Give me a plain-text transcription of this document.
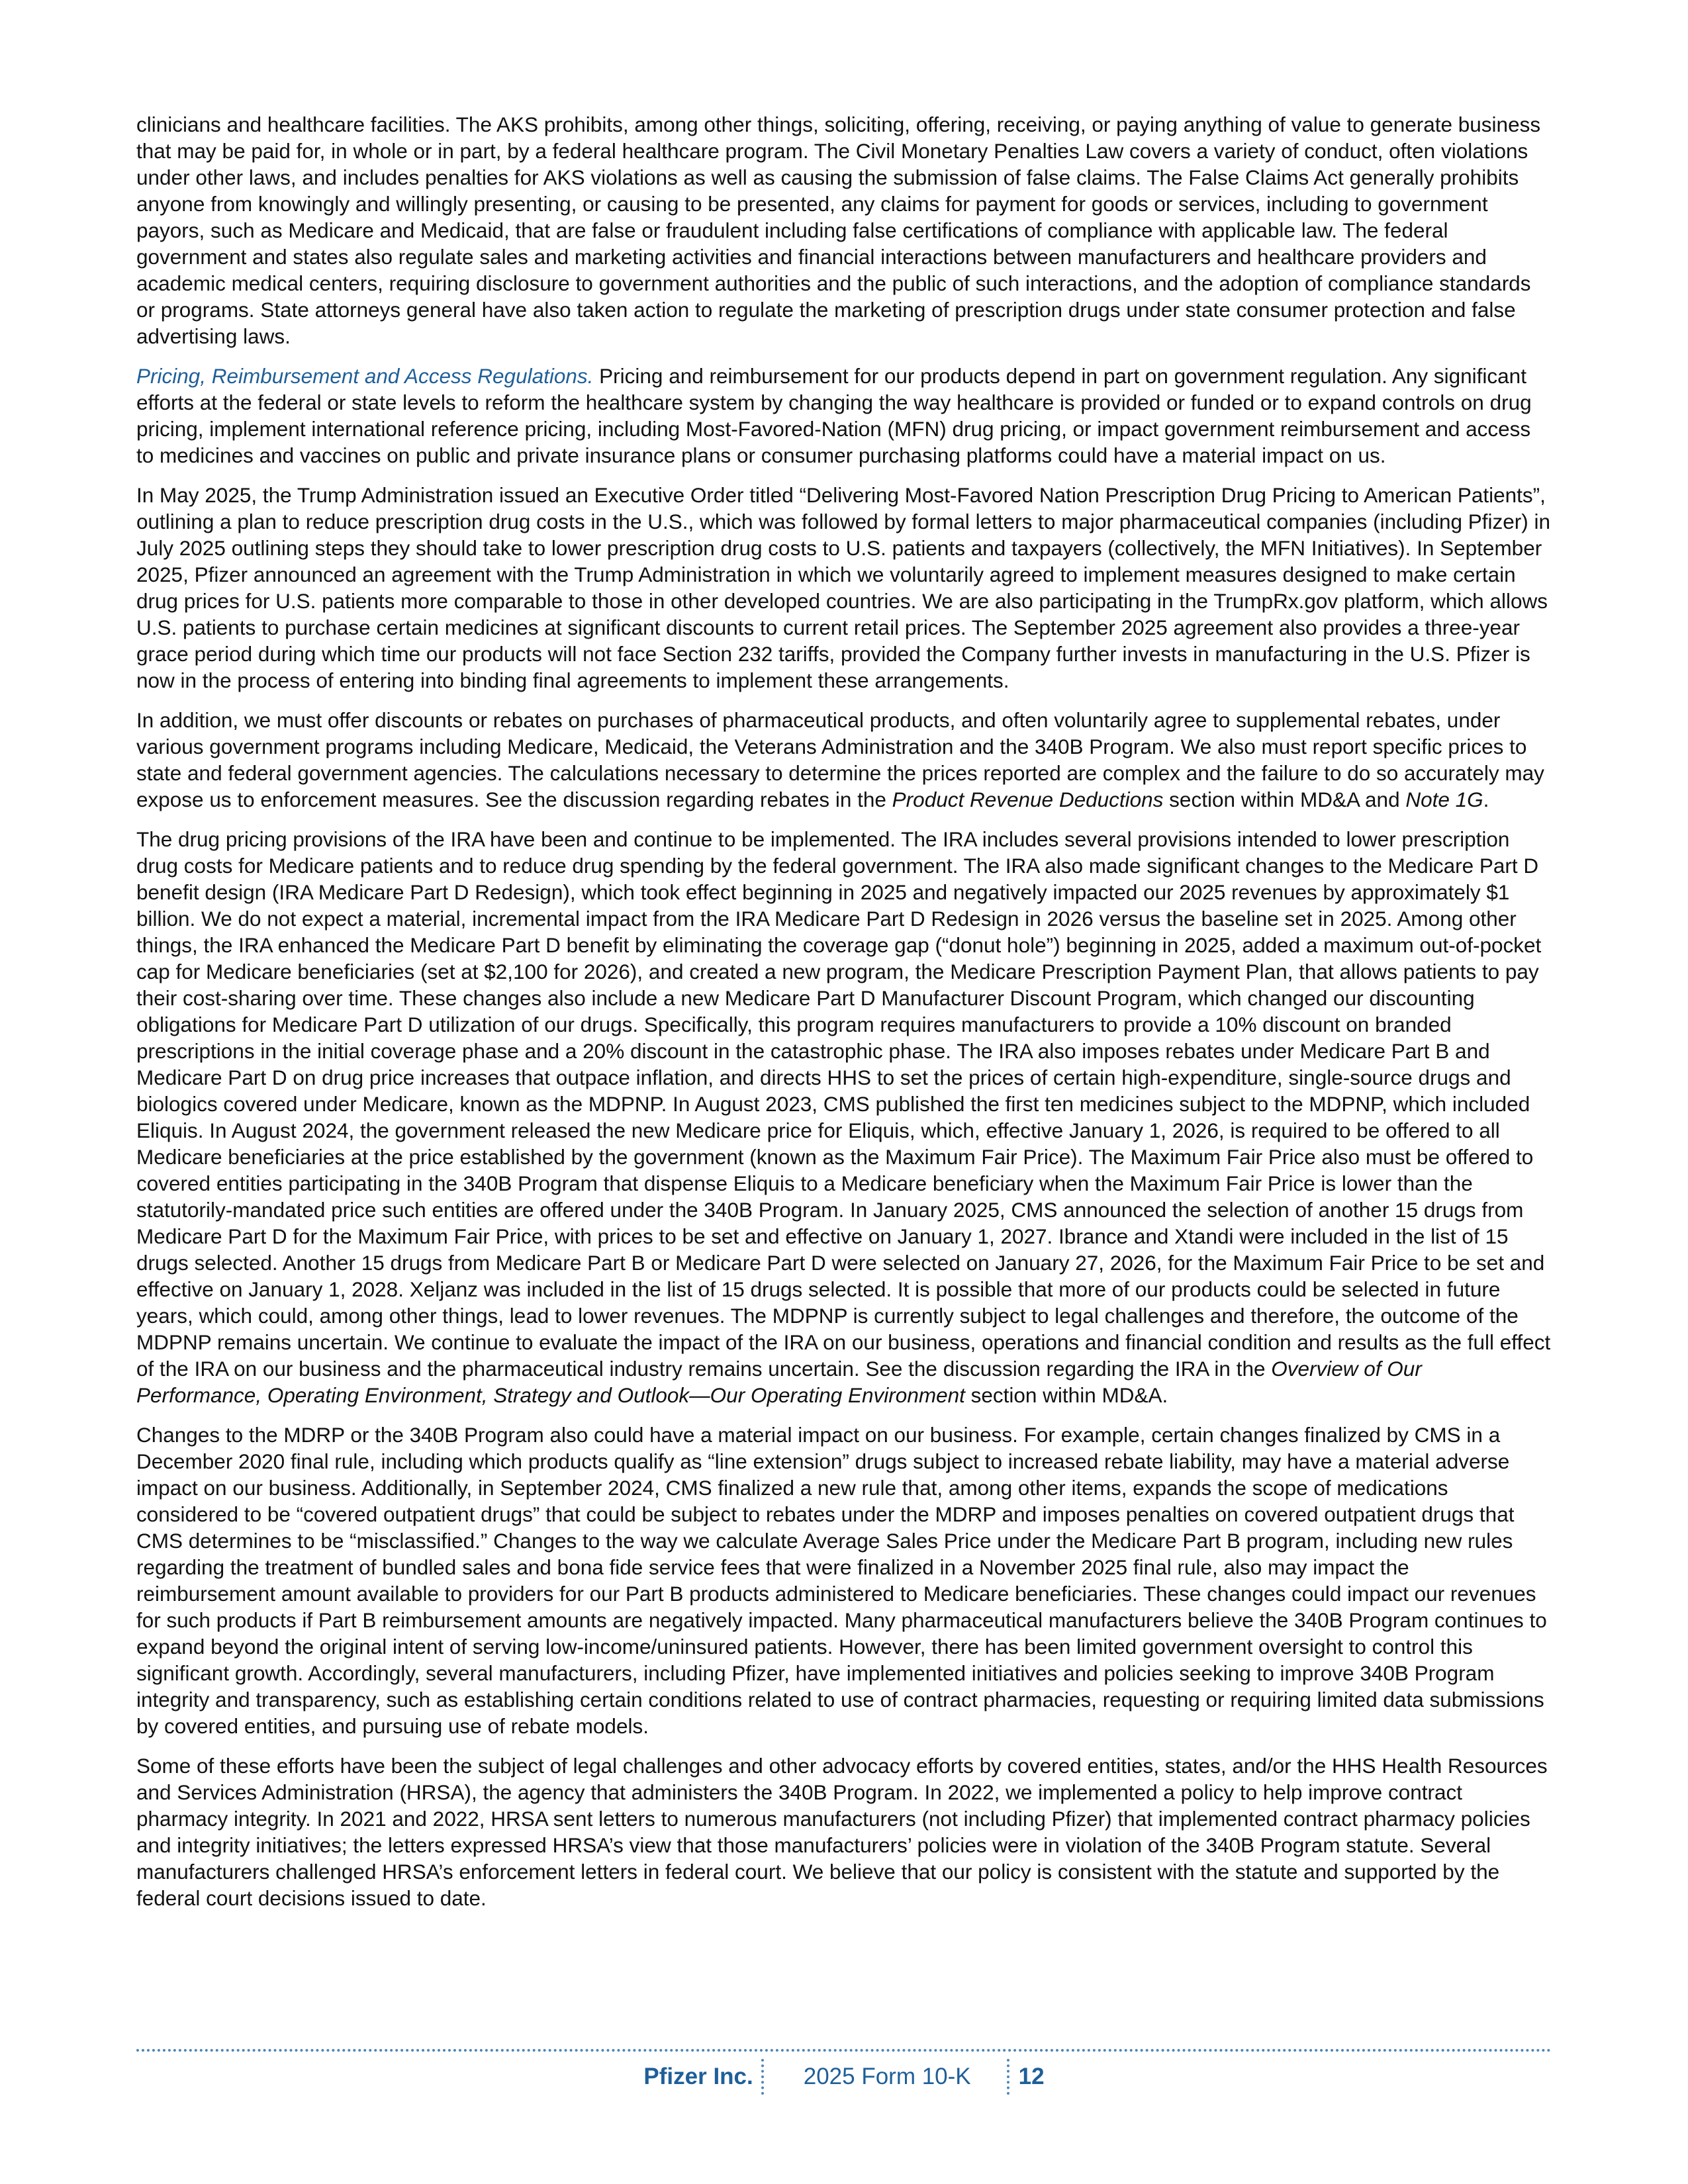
clinicians and healthcare facilities. The AKS prohibits, among other things, soliciting, offering, receiving, or paying anything of value to generate business that may be paid for, in whole or in part, by a federal healthcare program. The Civil Monetary Penalties Law covers a variety of conduct, often violations under other laws, and includes penalties for AKS violations as well as causing the submission of false claims. The False Claims Act generally prohibits anyone from knowingly and willingly presenting, or causing to be presented, any claims for payment for goods or services, including to government payors, such as Medicare and Medicaid, that are false or fraudulent including false certifications of compliance with applicable law. The federal government and states also regulate sales and marketing activities and financial interactions between manufacturers and healthcare providers and academic medical centers, requiring disclosure to government authorities and the public of such interactions, and the adoption of compliance standards or programs. State attorneys general have also taken action to regulate the marketing of prescription drugs under state consumer protection and false advertising laws.

Pricing, Reimbursement and Access Regulations. Pricing and reimbursement for our products depend in part on government regulation. Any significant efforts at the federal or state levels to reform the healthcare system by changing the way healthcare is provided or funded or to expand controls on drug pricing, implement international reference pricing, including Most-Favored-Nation (MFN) drug pricing, or impact government reimbursement and access to medicines and vaccines on public and private insurance plans or consumer purchasing platforms could have a material impact on us.

In May 2025, the Trump Administration issued an Executive Order titled “Delivering Most-Favored Nation Prescription Drug Pricing to American Patients”, outlining a plan to reduce prescription drug costs in the U.S., which was followed by formal letters to major pharmaceutical companies (including Pfizer) in July 2025 outlining steps they should take to lower prescription drug costs to U.S. patients and taxpayers (collectively, the MFN Initiatives). In September 2025, Pfizer announced an agreement with the Trump Administration in which we voluntarily agreed to implement measures designed to make certain drug prices for U.S. patients more comparable to those in other developed countries. We are also participating in the TrumpRx.gov platform, which allows U.S. patients to purchase certain medicines at significant discounts to current retail prices. The September 2025 agreement also provides a three-year grace period during which time our products will not face Section 232 tariffs, provided the Company further invests in manufacturing in the U.S. Pfizer is now in the process of entering into binding final agreements to implement these arrangements.

In addition, we must offer discounts or rebates on purchases of pharmaceutical products, and often voluntarily agree to supplemental rebates, under various government programs including Medicare, Medicaid, the Veterans Administration and the 340B Program. We also must report specific prices to state and federal government agencies. The calculations necessary to determine the prices reported are complex and the failure to do so accurately may expose us to enforcement measures. See the discussion regarding rebates in the Product Revenue Deductions section within MD&A and Note 1G.

The drug pricing provisions of the IRA have been and continue to be implemented. The IRA includes several provisions intended to lower prescription drug costs for Medicare patients and to reduce drug spending by the federal government. The IRA also made significant changes to the Medicare Part D benefit design (IRA Medicare Part D Redesign), which took effect beginning in 2025 and negatively impacted our 2025 revenues by approximately $1 billion. We do not expect a material, incremental impact from the IRA Medicare Part D Redesign in 2026 versus the baseline set in 2025. Among other things, the IRA enhanced the Medicare Part D benefit by eliminating the coverage gap (“donut hole”) beginning in 2025, added a maximum out-of-pocket cap for Medicare beneficiaries (set at $2,100 for 2026), and created a new program, the Medicare Prescription Payment Plan, that allows patients to pay their cost-sharing over time. These changes also include a new Medicare Part D Manufacturer Discount Program, which changed our discounting obligations for Medicare Part D utilization of our drugs. Specifically, this program requires manufacturers to provide a 10% discount on branded prescriptions in the initial coverage phase and a 20% discount in the catastrophic phase. The IRA also imposes rebates under Medicare Part B and Medicare Part D on drug price increases that outpace inflation, and directs HHS to set the prices of certain high-expenditure, single-source drugs and biologics covered under Medicare, known as the MDPNP. In August 2023, CMS published the first ten medicines subject to the MDPNP, which included Eliquis. In August 2024, the government released the new Medicare price for Eliquis, which, effective January 1, 2026, is required to be offered to all Medicare beneficiaries at the price established by the government (known as the Maximum Fair Price). The Maximum Fair Price also must be offered to covered entities participating in the 340B Program that dispense Eliquis to a Medicare beneficiary when the Maximum Fair Price is lower than the statutorily-mandated price such entities are offered under the 340B Program. In January 2025, CMS announced the selection of another 15 drugs from Medicare Part D for the Maximum Fair Price, with prices to be set and effective on January 1, 2027. Ibrance and Xtandi were included in the list of 15 drugs selected. Another 15 drugs from Medicare Part B or Medicare Part D were selected on January 27, 2026, for the Maximum Fair Price to be set and effective on January 1, 2028. Xeljanz was included in the list of 15 drugs selected. It is possible that more of our products could be selected in future years, which could, among other things, lead to lower revenues. The MDPNP is currently subject to legal challenges and therefore, the outcome of the MDPNP remains uncertain. We continue to evaluate the impact of the IRA on our business, operations and financial condition and results as the full effect of the IRA on our business and the pharmaceutical industry remains uncertain. See the discussion regarding the IRA in the Overview of Our Performance, Operating Environment, Strategy and Outlook—Our Operating Environment section within MD&A.

Changes to the MDRP or the 340B Program also could have a material impact on our business. For example, certain changes finalized by CMS in a December 2020 final rule, including which products qualify as “line extension” drugs subject to increased rebate liability, may have a material adverse impact on our business. Additionally, in September 2024, CMS finalized a new rule that, among other items, expands the scope of medications considered to be “covered outpatient drugs” that could be subject to rebates under the MDRP and imposes penalties on covered outpatient drugs that CMS determines to be “misclassified.” Changes to the way we calculate Average Sales Price under the Medicare Part B program, including new rules regarding the treatment of bundled sales and bona fide service fees that were finalized in a November 2025 final rule, also may impact the reimbursement amount available to providers for our Part B products administered to Medicare beneficiaries. These changes could impact our revenues for such products if Part B reimbursement amounts are negatively impacted. Many pharmaceutical manufacturers believe the 340B Program continues to expand beyond the original intent of serving low-income/uninsured patients. However, there has been limited government oversight to control this significant growth. Accordingly, several manufacturers, including Pfizer, have implemented initiatives and policies seeking to improve 340B Program integrity and transparency, such as establishing certain conditions related to use of contract pharmacies, requesting or requiring limited data submissions by covered entities, and pursuing use of rebate models.

Some of these efforts have been the subject of legal challenges and other advocacy efforts by covered entities, states, and/or the HHS Health Resources and Services Administration (HRSA), the agency that administers the 340B Program. In 2022, we implemented a policy to help improve contract pharmacy integrity. In 2021 and 2022, HRSA sent letters to numerous manufacturers (not including Pfizer) that implemented contract pharmacy policies and integrity initiatives; the letters expressed HRSA’s view that those manufacturers’ policies were in violation of the 340B Program statute. Several manufacturers challenged HRSA’s enforcement letters in federal court. We believe that our policy is consistent with the statute and supported by the federal court decisions issued to date.

Pfizer Inc.	2025 Form 10-K	12
